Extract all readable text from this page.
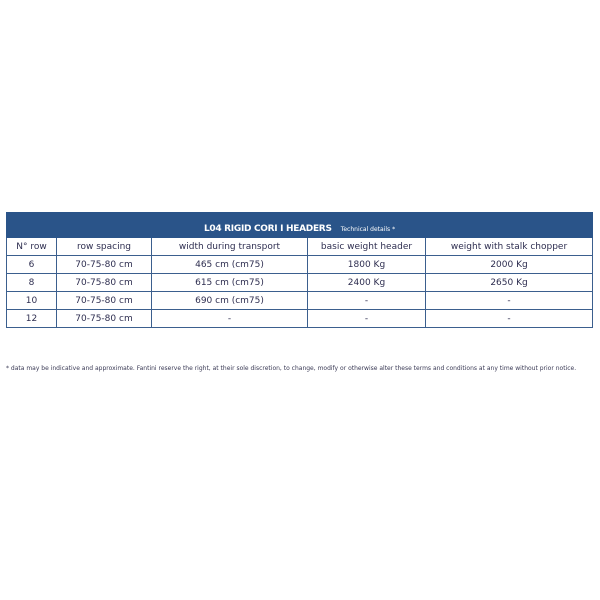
L04 RIGID CORI I HEADERS Technical details *				
N° row	row spacing	width during transport	basic weight header	weight with stalk chopper
6	70-75-80 cm	465 cm (cm75)	1800 Kg	2000 Kg
8	70-75-80 cm	615 cm (cm75)	2400 Kg	2650 Kg
10	70-75-80 cm	690 cm (cm75)	-	-
12	70-75-80 cm	-	-	-

* data may be indicative and approximate. Fantini reserve the right, at their sole discretion, to change, modify or otherwise alter these terms and conditions at any time without prior notice.
